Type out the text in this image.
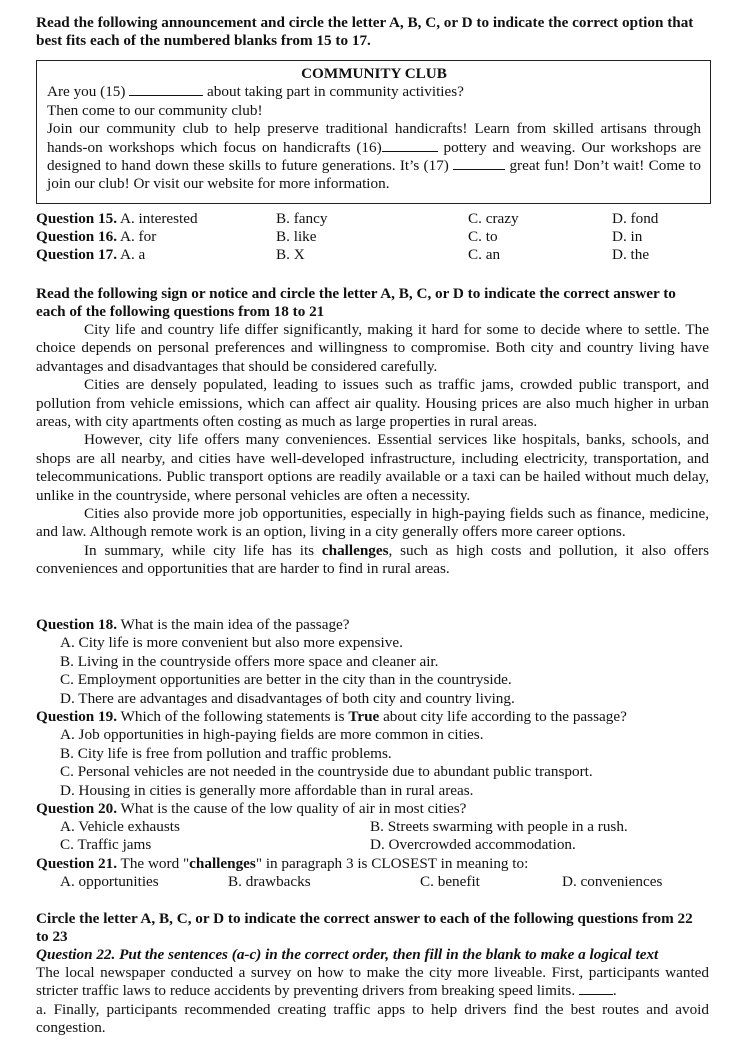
Read the following announcement and circle the letter A, B, C, or D to indicate the correct option that best fits each of the numbered blanks from 15 to 17.
COMMUNITY CLUB
Are you (15)	about taking part in community activities?
Then come to our community club!
Join our community club to help preserve traditional handicrafts! Learn from skilled artisans through hands-on workshops which focus on handicrafts (16)	pottery and weaving. Our workshops are designed to hand down these skills to future generations. It’s (17)	great fun! Don’t wait! Come to join our club! Or visit our website for more information.
Question 15. A. interested	B. fancy	C. crazy	D. fond
Question 16. A. for	B. like	C. to	D. in
Question 17. A. a	B. X	C. an	D. the
Read the following sign or notice and circle the letter A, B, C, or D to indicate the correct answer to each of the following questions from 18 to 21
City life and country life differ significantly, making it hard for some to decide where to settle. The choice depends on personal preferences and willingness to compromise. Both city and country living have advantages and disadvantages that should be considered carefully.
Cities are densely populated, leading to issues such as traffic jams, crowded public transport, and pollution from vehicle emissions, which can affect air quality. Housing prices are also much higher in urban areas, with city apartments often costing as much as large properties in rural areas.
However, city life offers many conveniences. Essential services like hospitals, banks, schools, and shops are all nearby, and cities have well-developed infrastructure, including electricity, transportation, and telecommunications. Public transport options are readily available or a taxi can be hailed without much delay, unlike in the countryside, where personal vehicles are often a necessity.
Cities also provide more job opportunities, especially in high-paying fields such as finance, medicine, and law. Although remote work is an option, living in a city generally offers more career options.
In summary, while city life has its challenges, such as high costs and pollution, it also offers conveniences and opportunities that are harder to find in rural areas.
Question 18. What is the main idea of the passage?
A. City life is more convenient but also more expensive.
B. Living in the countryside offers more space and cleaner air.
C. Employment opportunities are better in the city than in the countryside.
D. There are advantages and disadvantages of both city and country living.
Question 19. Which of the following statements is True about city life according to the passage?
A. Job opportunities in high-paying fields are more common in cities.
B. City life is free from pollution and traffic problems.
C. Personal vehicles are not needed in the countryside due to abundant public transport.
D. Housing in cities is generally more affordable than in rural areas.
Question 20. What is the cause of the low quality of air in most cities?
A. Vehicle exhausts	B. Streets swarming with people in a rush.
C. Traffic jams	D. Overcrowded accommodation.
Question 21. The word "challenges" in paragraph 3 is CLOSEST in meaning to:
A. opportunities	B. drawbacks	C. benefit	D. conveniences
Circle the letter A, B, C, or D to indicate the correct answer to each of the following questions from 22 to 23
Question 22. Put the sentences (a-c) in the correct order, then fill in the blank to make a logical text
The local newspaper conducted a survey on how to make the city more liveable. First, participants wanted stricter traffic laws to reduce accidents by preventing drivers from breaking speed limits. .
a. Finally, participants recommended creating traffic apps to help drivers find the best routes and avoid congestion.
